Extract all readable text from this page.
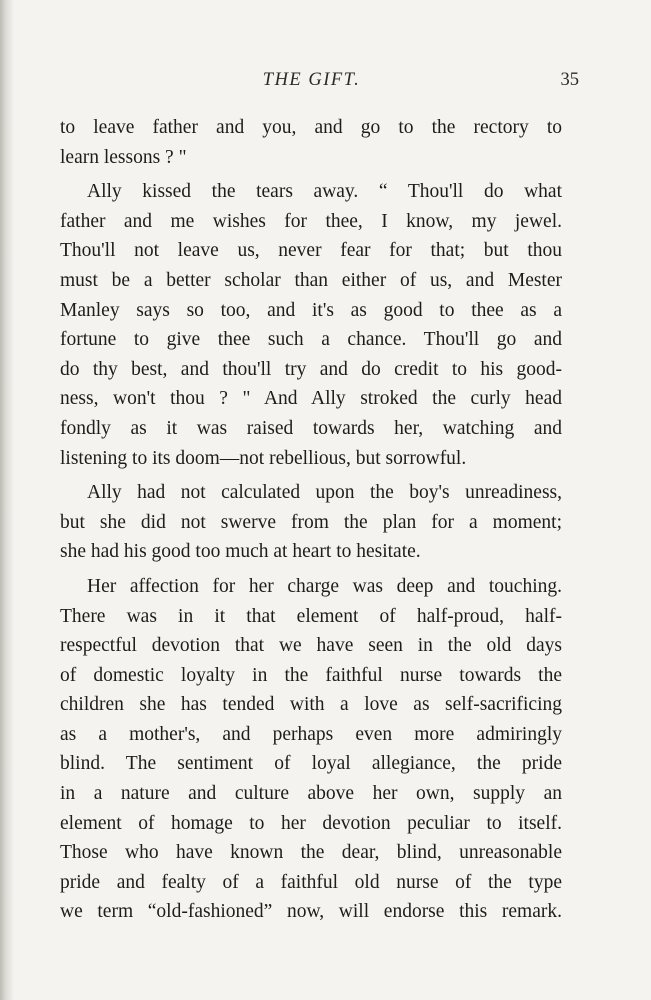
THE GIFT.	35

to leave father and you, and go to the rectory to
learn lessons ? "

Ally kissed the tears away. “ Thou'll do what
father and me wishes for thee, I know, my jewel.
Thou'll not leave us, never fear for that; but thou
must be a better scholar than either of us, and Mester
Manley says so too, and it's as good to thee as a
fortune to give thee such a chance. Thou'll go and
do thy best, and thou'll try and do credit to his good-
ness, won't thou ? " And Ally stroked the curly head
fondly as it was raised towards her, watching and
listening to its doom—not rebellious, but sorrowful.

Ally had not calculated upon the boy's unreadiness,
but she did not swerve from the plan for a moment;
she had his good too much at heart to hesitate.

Her affection for her charge was deep and touching.
There was in it that element of half-proud, half-
respectful devotion that we have seen in the old days
of domestic loyalty in the faithful nurse towards the
children she has tended with a love as self-sacrificing
as a mother's, and perhaps even more admiringly
blind. The sentiment of loyal allegiance, the pride
in a nature and culture above her own, supply an
element of homage to her devotion peculiar to itself.
Those who have known the dear, blind, unreasonable
pride and fealty of a faithful old nurse of the type
we term “old-fashioned” now, will endorse this remark.
